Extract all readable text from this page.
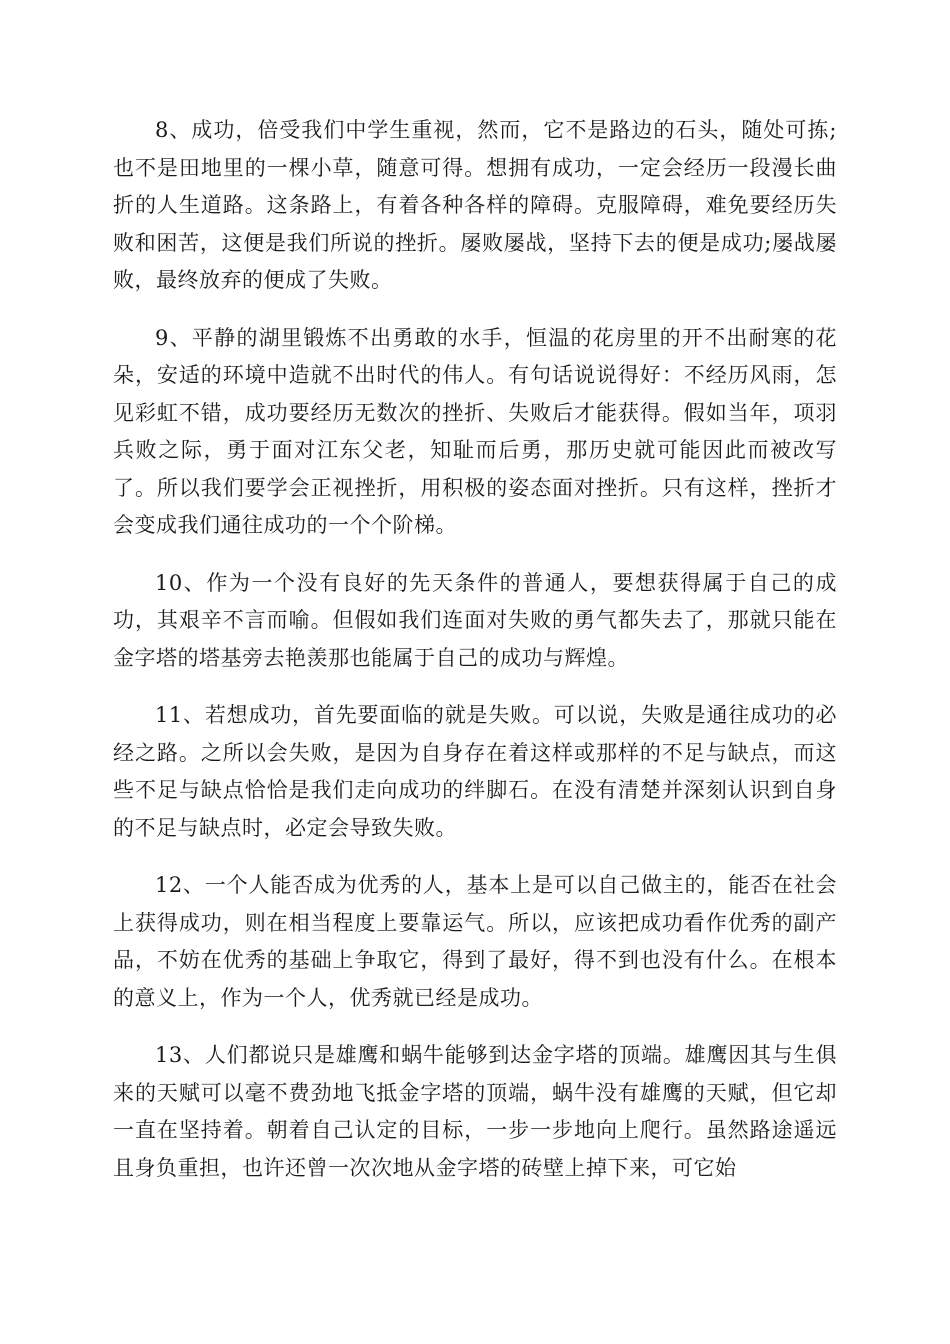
8、成功，倍受我们中学生重视，然而，它不是路边的石头，随处可拣;也不是田地里的一棵小草，随意可得。想拥有成功，一定会经历一段漫长曲折的人生道路。这条路上，有着各种各样的障碍。克服障碍，难免要经历失败和困苦，这便是我们所说的挫折。屡败屡战，坚持下去的便是成功;屡战屡败，最终放弃的便成了失败。

9、平静的湖里锻炼不出勇敢的水手，恒温的花房里的开不出耐寒的花朵，安适的环境中造就不出时代的伟人。有句话说说得好：不经历风雨，怎见彩虹不错，成功要经历无数次的挫折、失败后才能获得。假如当年，项羽兵败之际，勇于面对江东父老，知耻而后勇，那历史就可能因此而被改写了。所以我们要学会正视挫折，用积极的姿态面对挫折。只有这样，挫折才会变成我们通往成功的一个个阶梯。

10、作为一个没有良好的先天条件的普通人，要想获得属于自己的成功，其艰辛不言而喻。但假如我们连面对失败的勇气都失去了，那就只能在金字塔的塔基旁去艳羡那也能属于自己的成功与辉煌。

11、若想成功，首先要面临的就是失败。可以说，失败是通往成功的必经之路。之所以会失败，是因为自身存在着这样或那样的不足与缺点，而这些不足与缺点恰恰是我们走向成功的绊脚石。在没有清楚并深刻认识到自身的不足与缺点时，必定会导致失败。

12、一个人能否成为优秀的人，基本上是可以自己做主的，能否在社会上获得成功，则在相当程度上要靠运气。所以，应该把成功看作优秀的副产品，不妨在优秀的基础上争取它，得到了最好，得不到也没有什么。在根本的意义上，作为一个人，优秀就已经是成功。

13、人们都说只是雄鹰和蜗牛能够到达金字塔的顶端。雄鹰因其与生俱来的天赋可以毫不费劲地飞抵金字塔的顶端，蜗牛没有雄鹰的天赋，但它却一直在坚持着。朝着自己认定的目标，一步一步地向上爬行。虽然路途遥远且身负重担，也许还曾一次次地从金字塔的砖壁上掉下来，可它始
